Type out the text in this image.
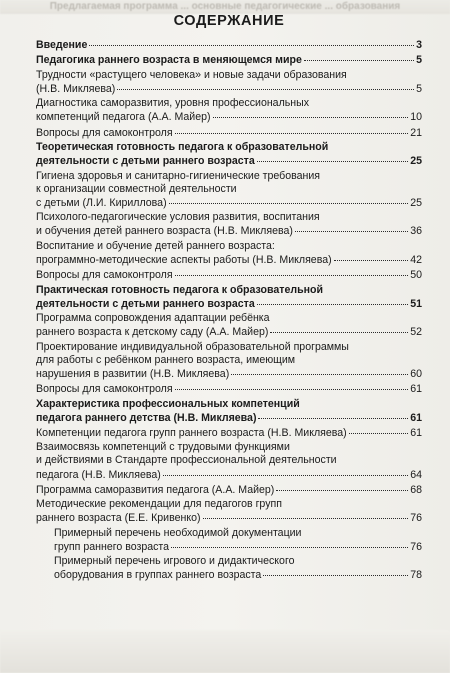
Предлагаемая программа ... основные педагогические ... образования
СОДЕРЖАНИЕ
Введение	3
Педагогика раннего возраста в меняющемся мире	5
Трудности «растущего человека» и новые задачи образования
(Н.В. Микляева)	5
Диагностика саморазвития, уровня профессиональных
компетенций педагога (А.А. Майер)	10
Вопросы для самоконтроля	21
Теоретическая готовность педагога к образовательной
деятельности с детьми раннего возраста	25
Гигиена здоровья и санитарно-гигиенические требования
к организации совместной деятельности
с детьми (Л.И. Кириллова)	25
Психолого-педагогические условия развития, воспитания
и обучения детей раннего возраста (Н.В. Микляева)	36
Воспитание и обучение детей раннего возраста:
программно-методические аспекты работы (Н.В. Микляева)	42
Вопросы для самоконтроля	50
Практическая готовность педагога к образовательной
деятельности с детьми раннего возраста	51
Программа сопровождения адаптации ребёнка
раннего возраста к детскому саду (А.А. Майер)	52
Проектирование индивидуальной образовательной программы
для работы с ребёнком раннего возраста, имеющим
нарушения в развитии (Н.В. Микляева)	60
Вопросы для самоконтроля	61
Характеристика профессиональных компетенций
педагога раннего детства (Н.В. Микляева)	61
Компетенции педагога групп раннего возраста (Н.В. Микляева)	61
Взаимосвязь компетенций с трудовыми функциями
и действиями в Стандарте профессиональной деятельности
педагога (Н.В. Микляева)	64
Программа саморазвития педагога (А.А. Майер)	68
Методические рекомендации для педагогов групп
раннего возраста (Е.Е. Кривенко)	76
Примерный перечень необходимой документации
групп раннего возраста	76
Примерный перечень игрового и дидактического
оборудования в группах раннего возраста	78
